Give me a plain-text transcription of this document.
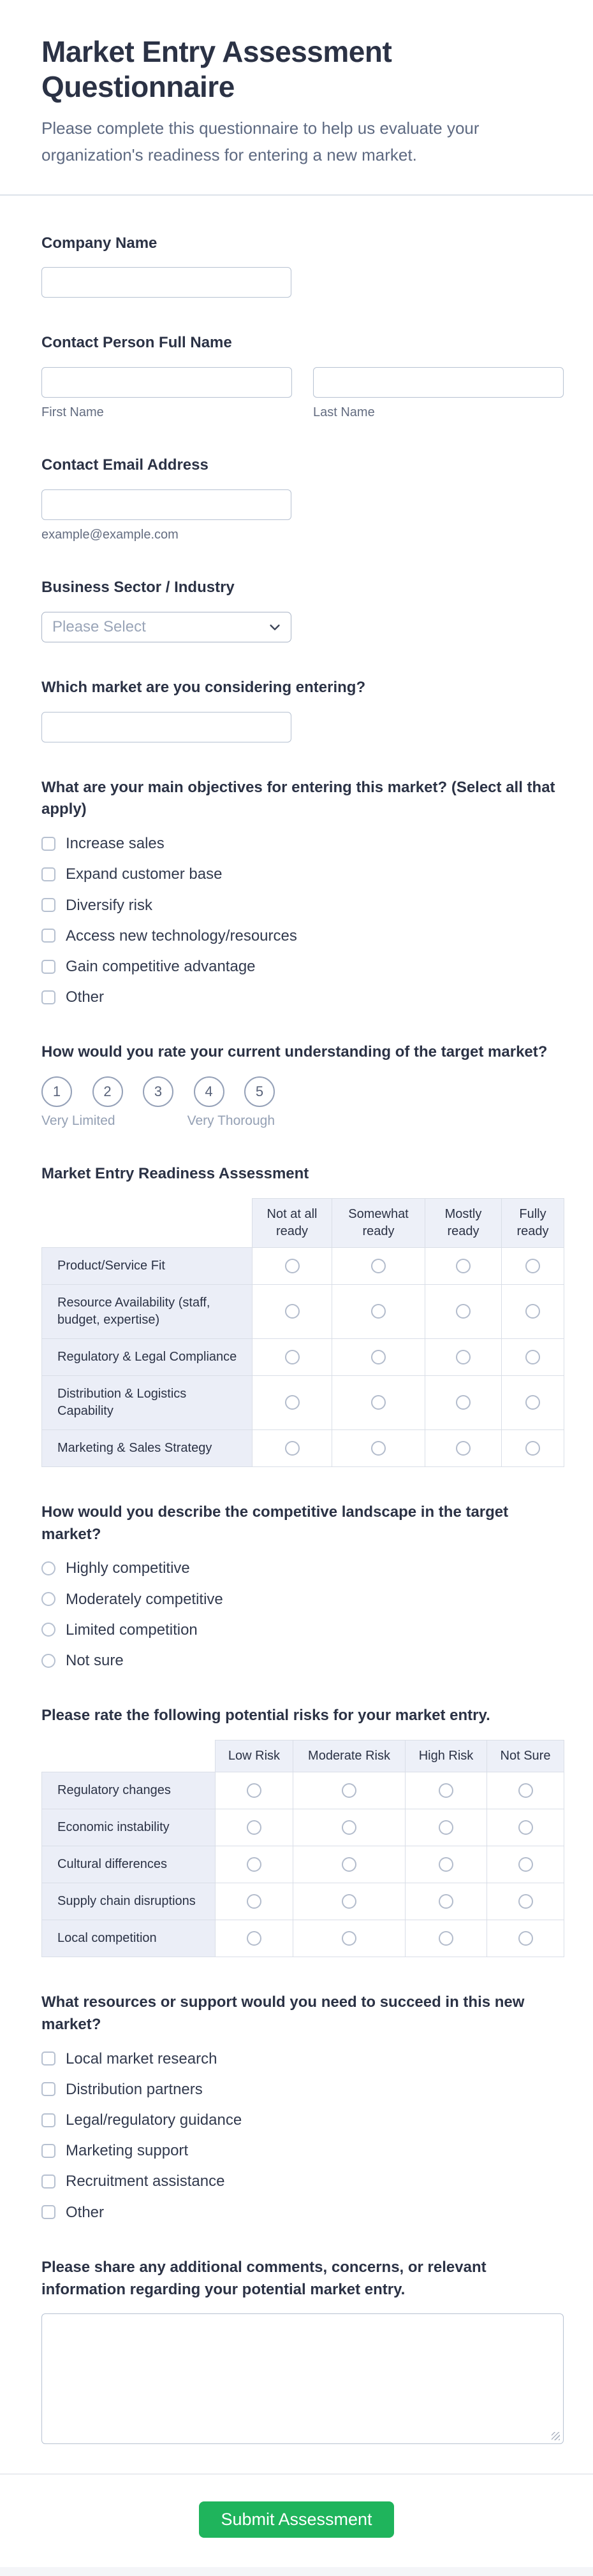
Market Entry Assessment Questionnaire

Please complete this questionnaire to help us evaluate your organization's readiness for entering a new market.

Company Name
Contact Person Full Name
First Name	Last Name
Contact Email Address
example@example.com
Business Sector / Industry
Please Select
Which market are you considering entering?
What are your main objectives for entering this market? (Select all that apply)
Increase sales
Expand customer base
Diversify risk
Access new technology/resources
Gain competitive advantage
Other
How would you rate your current understanding of the target market?
1	2	3	4	5
Very Limited	Very Thorough
Market Entry Readiness Assessment
	Not at all ready	Somewhat ready	Mostly ready	Fully ready
Product/Service Fit				
Resource Availability (staff, budget, expertise)				
Regulatory & Legal Compliance				
Distribution & Logistics Capability				
Marketing & Sales Strategy				
How would you describe the competitive landscape in the target market?
Highly competitive
Moderately competitive
Limited competition
Not sure
Please rate the following potential risks for your market entry.
	Low Risk	Moderate Risk	High Risk	Not Sure
Regulatory changes				
Economic instability				
Cultural differences				
Supply chain disruptions				
Local competition				
What resources or support would you need to succeed in this new market?
Local market research
Distribution partners
Legal/regulatory guidance
Marketing support
Recruitment assistance
Other
Please share any additional comments, concerns, or relevant information regarding your potential market entry.
Submit Assessment
